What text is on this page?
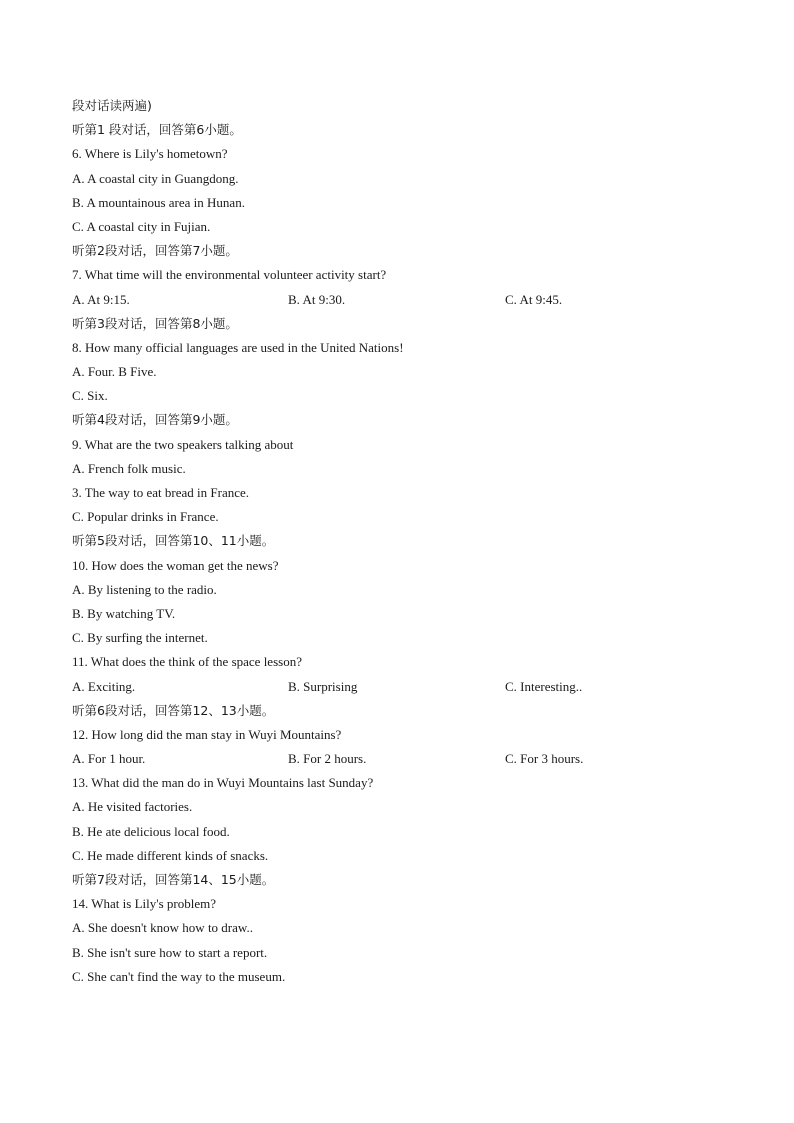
段对话读两遍)
听第1 段对话，回答第6小题。
6. Where is Lily's hometown?
A. A coastal city in Guangdong.
B. A mountainous area in Hunan.
C. A coastal city in Fujian.
听第2段对话，回答第7小题。
7. What time will the environmental volunteer activity start?
A. At 9:15.	B. At 9:30.	C. At 9:45.
听第3段对话，回答第8小题。
8. How many official languages are used in the United Nations!
A. Four. B Five.
C. Six.
听第4段对话，回答第9小题。
9. What are the two speakers talking about
A. French folk music.
3. The way to eat bread in France.
C. Popular drinks in France.
听第5段对话，回答第10、11小题。
10. How does the woman get the news?
A. By listening to the radio.
B. By watching TV.
C. By surfing the internet.
11. What does the think of the space lesson?
A. Exciting.	B. Surprising	C. Interesting..
听第6段对话，回答第12、13小题。
12. How long did the man stay in Wuyi Mountains?
A. For 1 hour.	B. For 2 hours.	C. For 3 hours.
13. What did the man do in Wuyi Mountains last Sunday?
A. He visited factories.
B. He ate delicious local food.
C. He made different kinds of snacks.
听第7段对话，回答第14、15小题。
14. What is Lily's problem?
A. She doesn't know how to draw..
B. She isn't sure how to start a report.
C. She can't find the way to the museum.
